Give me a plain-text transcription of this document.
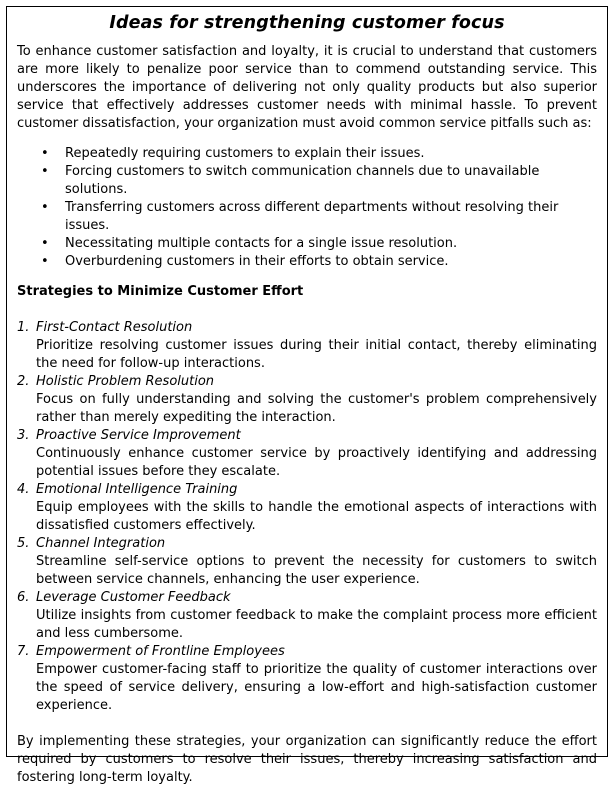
Ideas for strengthening customer focus

To enhance customer satisfaction and loyalty, it is crucial to understand that customers are more likely to penalize poor service than to commend outstanding service. This underscores the importance of delivering not only quality products but also superior service that effectively addresses customer needs with minimal hassle. To prevent customer dissatisfaction, your organization must avoid common service pitfalls such as:

• Repeatedly requiring customers to explain their issues.
• Forcing customers to switch communication channels due to unavailable solutions.
• Transferring customers across different departments without resolving their issues.
• Necessitating multiple contacts for a single issue resolution.
• Overburdening customers in their efforts to obtain service.
Strategies to Minimize Customer Effort
1. First-Contact Resolution
Prioritize resolving customer issues during their initial contact, thereby eliminating the need for follow-up interactions.
2. Holistic Problem Resolution
Focus on fully understanding and solving the customer's problem comprehensively rather than merely expediting the interaction.
3. Proactive Service Improvement
Continuously enhance customer service by proactively identifying and addressing potential issues before they escalate.
4. Emotional Intelligence Training
Equip employees with the skills to handle the emotional aspects of interactions with dissatisfied customers effectively.
5. Channel Integration
Streamline self-service options to prevent the necessity for customers to switch between service channels, enhancing the user experience.
6. Leverage Customer Feedback
Utilize insights from customer feedback to make the complaint process more efficient and less cumbersome.
7. Empowerment of Frontline Employees
Empower customer-facing staff to prioritize the quality of customer interactions over the speed of service delivery, ensuring a low-effort and high-satisfaction customer experience.

By implementing these strategies, your organization can significantly reduce the effort required by customers to resolve their issues, thereby increasing satisfaction and fostering long-term loyalty.
